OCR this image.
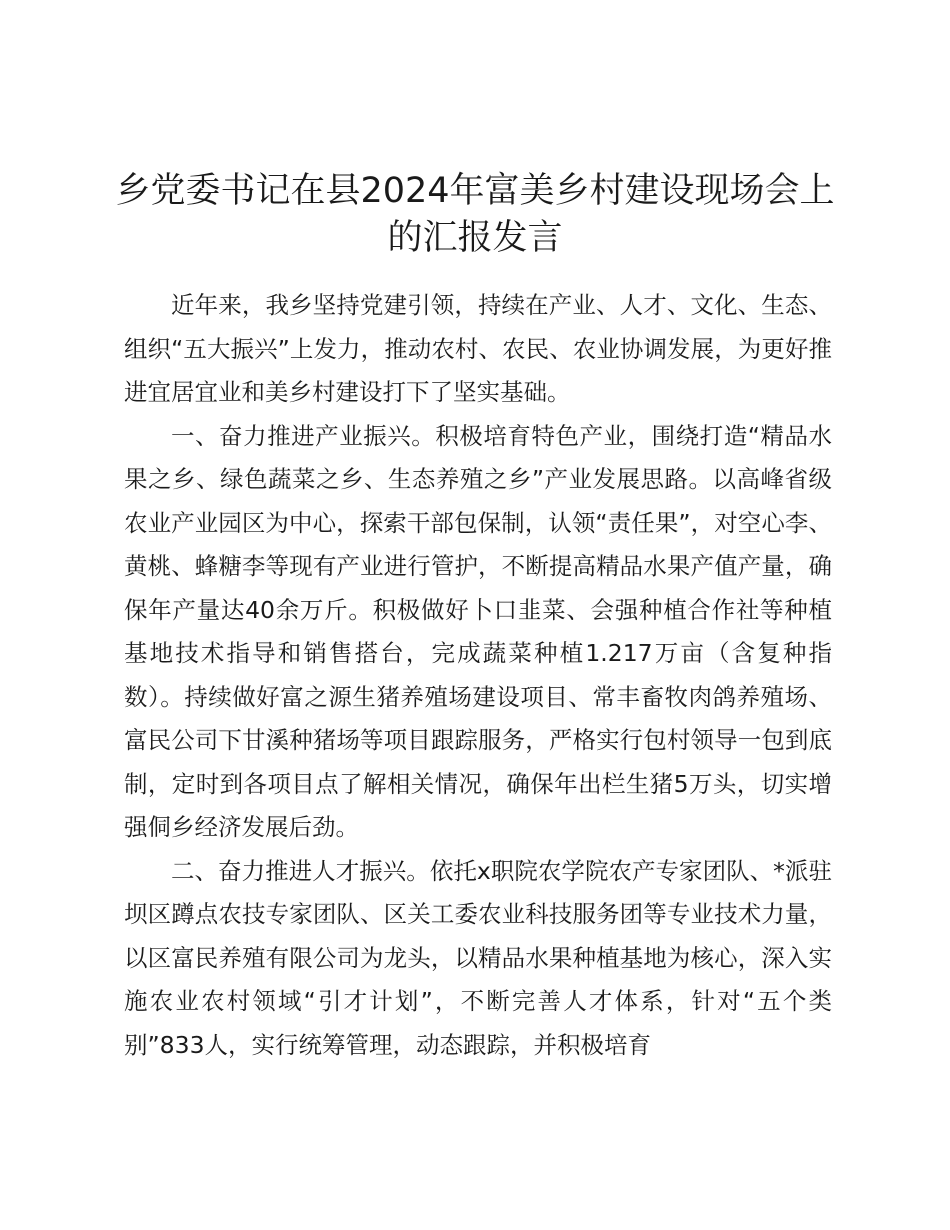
乡党委书记在县2024年富美乡村建设现场会上的汇报发言

近年来，我乡坚持党建引领，持续在产业、人才、文化、生态、组织“五大振兴”上发力，推动农村、农民、农业协调发展，为更好推进宜居宜业和美乡村建设打下了坚实基础。

一、奋力推进产业振兴。积极培育特色产业，围绕打造“精品水果之乡、绿色蔬菜之乡、生态养殖之乡”产业发展思路。以高峰省级农业产业园区为中心，探索干部包保制，认领“责任果”，对空心李、黄桃、蜂糖李等现有产业进行管护，不断提高精品水果产值产量，确保年产量达40余万斤。积极做好卜口韭菜、会强种植合作社等种植基地技术指导和销售搭台，完成蔬菜种植1.217万亩（含复种指数）。持续做好富之源生猪养殖场建设项目、常丰畜牧肉鸽养殖场、富民公司下甘溪种猪场等项目跟踪服务，严格实行包村领导一包到底制，定时到各项目点了解相关情况，确保年出栏生猪5万头，切实增强侗乡经济发展后劲。

二、奋力推进人才振兴。依托x职院农学院农产专家团队、*派驻坝区蹲点农技专家团队、区关工委农业科技服务团等专业技术力量，以区富民养殖有限公司为龙头，以精品水果种植基地为核心，深入实施农业农村领域“引才计划”，不断完善人才体系，针对“五个类别”833人，实行统筹管理，动态跟踪，并积极培育
